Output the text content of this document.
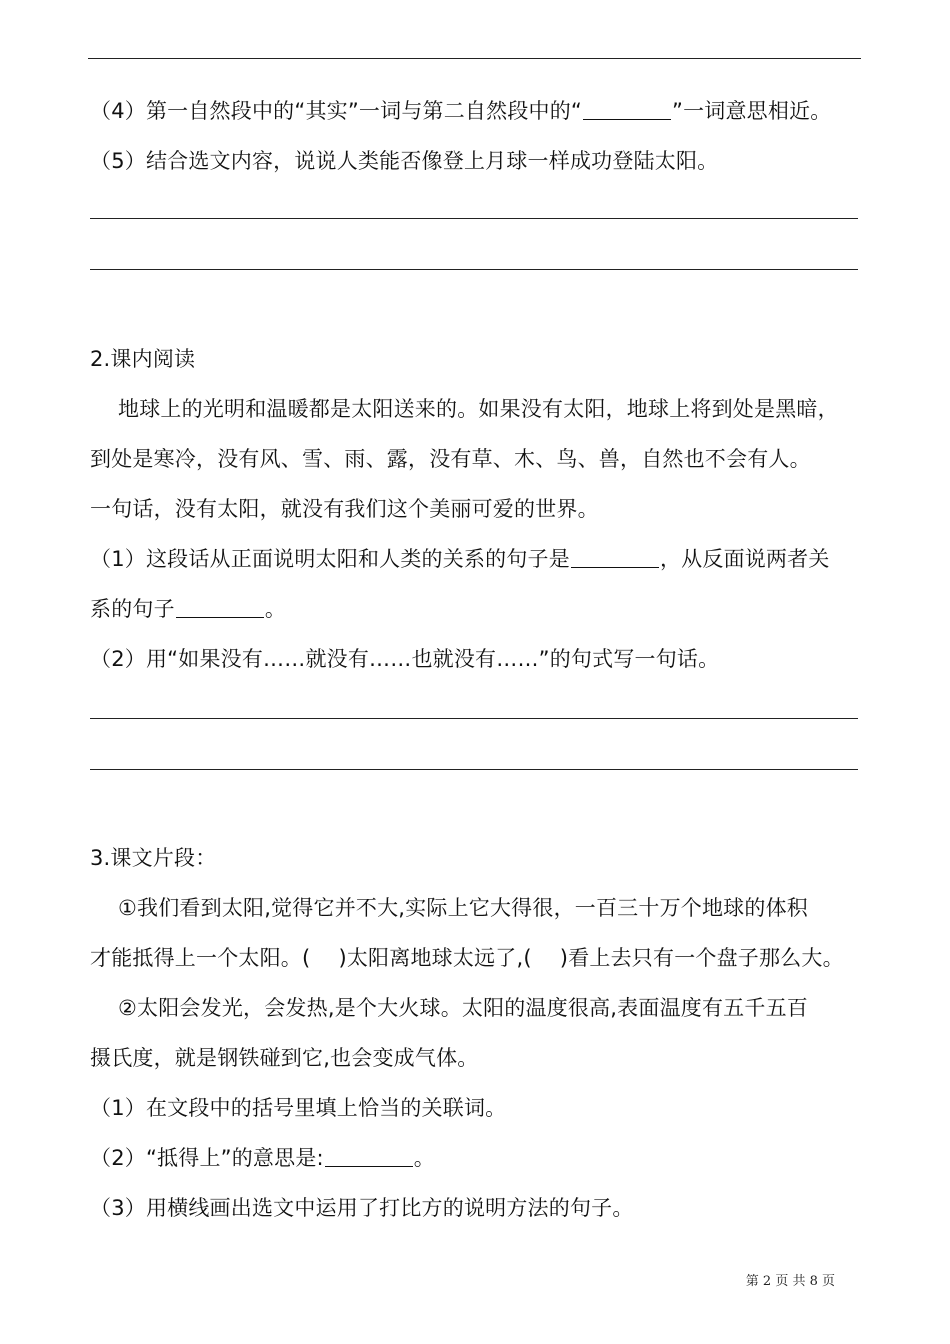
（4）第一自然段中的“其实”一词与第二自然段中的“	”一词意思相近。
（5）结合选文内容，说说人类能否像登上月球一样成功登陆太阳。
2.课内阅读
地球上的光明和温暖都是太阳送来的。如果没有太阳，地球上将到处是黑暗，
到处是寒冷，没有风、雪、雨、露，没有草、木、鸟、兽，自然也不会有人。
一句话，没有太阳，就没有我们这个美丽可爱的世界。
（1）这段话从正面说明太阳和人类的关系的句子是	，从反面说两者关
系的句子	。
（2）用“如果没有……就没有……也就没有……”的句式写一句话。
3.课文片段：
①我们看到太阳,觉得它并不大,实际上它大得很，一百三十万个地球的体积
才能抵得上一个太阳。(　 )太阳离地球太远了,(　 )看上去只有一个盘子那么大。
②太阳会发光，会发热,是个大火球。太阳的温度很高,表面温度有五千五百
摄氏度，就是钢铁碰到它,也会变成气体。
（1）在文段中的括号里填上恰当的关联词。
（2）“抵得上”的意思是:	。
（3）用横线画出选文中运用了打比方的说明方法的句子。
第 2 页 共 8 页
